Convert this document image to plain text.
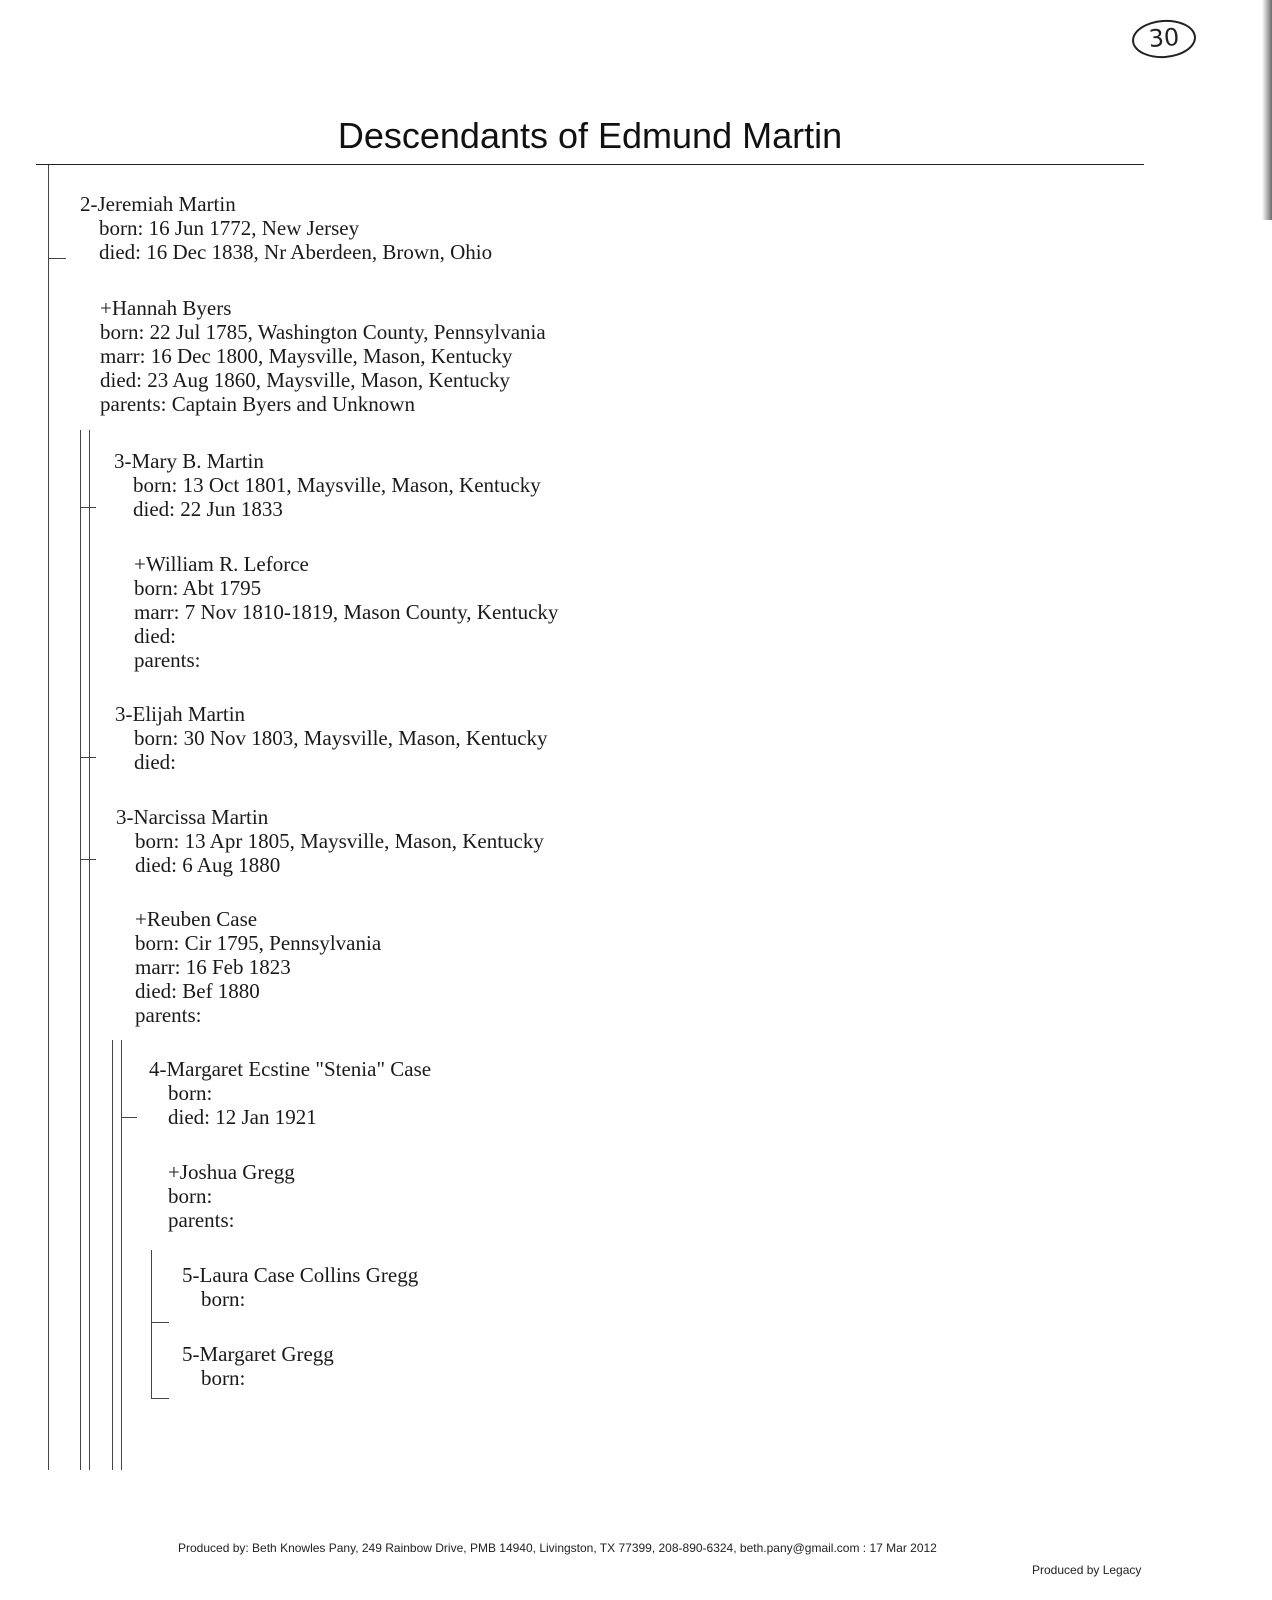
30
Descendants of Edmund Martin
2-Jeremiah Martin
born: 16 Jun 1772, New Jersey
died: 16 Dec 1838, Nr Aberdeen, Brown, Ohio
+Hannah Byers
born: 22 Jul 1785, Washington County, Pennsylvania
marr: 16 Dec 1800, Maysville, Mason, Kentucky
died: 23 Aug 1860, Maysville, Mason, Kentucky
parents: Captain Byers and Unknown
3-Mary B. Martin
born: 13 Oct 1801, Maysville, Mason, Kentucky
died: 22 Jun 1833
+William R. Leforce
born: Abt 1795
marr: 7 Nov 1810-1819, Mason County, Kentucky
died:
parents:
3-Elijah Martin
born: 30 Nov 1803, Maysville, Mason, Kentucky
died:
3-Narcissa Martin
born: 13 Apr 1805, Maysville, Mason, Kentucky
died: 6 Aug 1880
+Reuben Case
born: Cir 1795, Pennsylvania
marr: 16 Feb 1823
died: Bef 1880
parents:
4-Margaret Ecstine "Stenia" Case
born:
died: 12 Jan 1921
+Joshua Gregg
born:
parents:
5-Laura Case Collins Gregg
born:
5-Margaret Gregg
born:
Produced by: Beth Knowles Pany, 249 Rainbow Drive, PMB 14940, Livingston, TX 77399, 208-890-6324, beth.pany@gmail.com : 17 Mar 2012
Produced by Legacy
